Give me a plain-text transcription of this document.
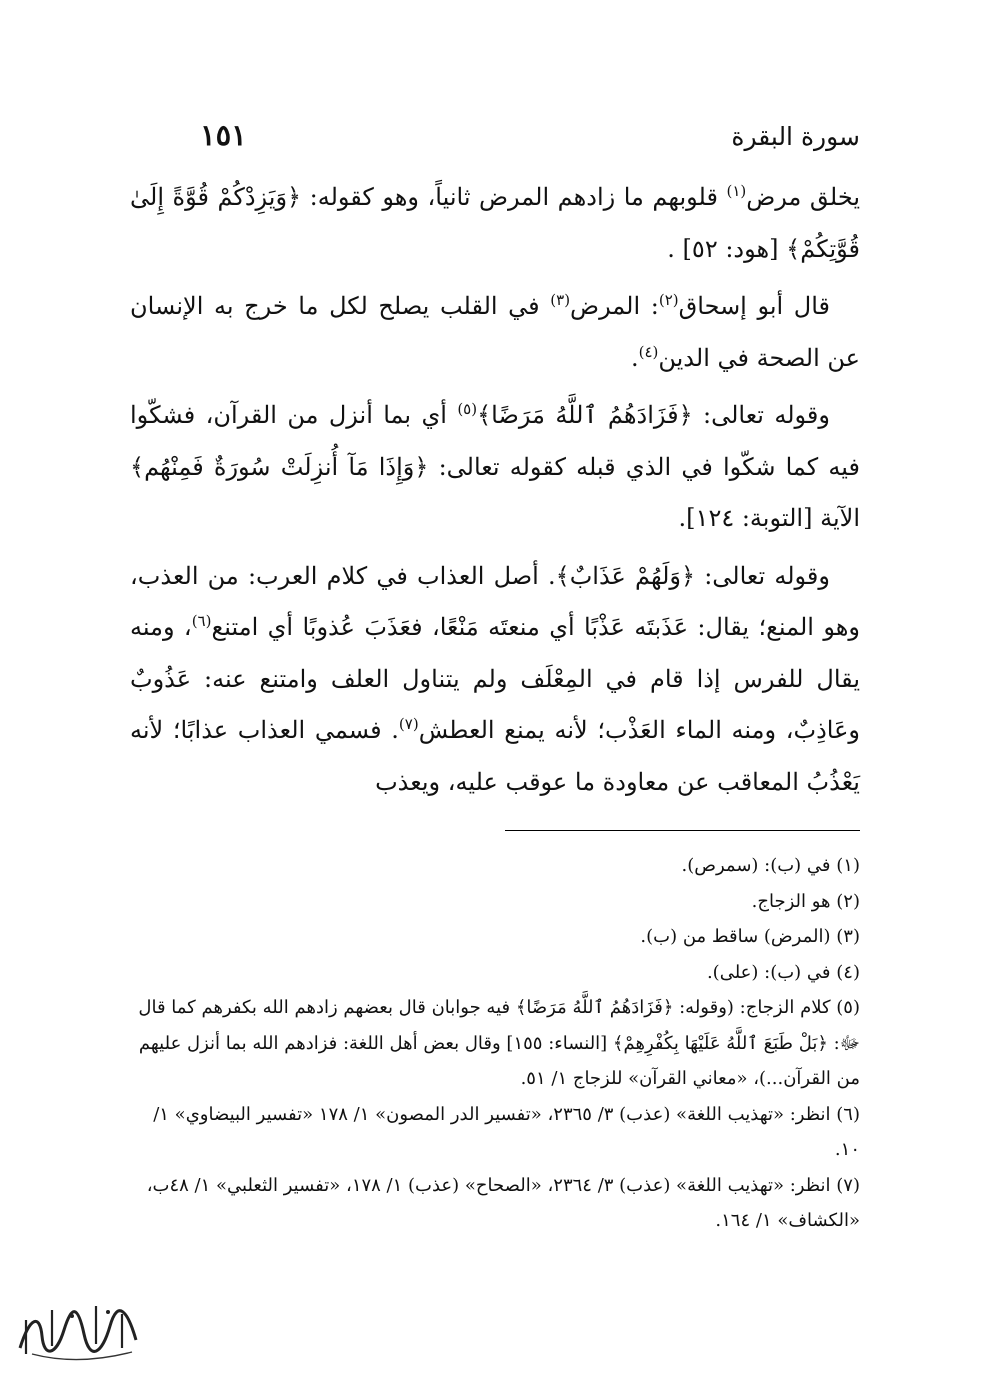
سورة البقرة
١٥١

يخلق مرض$^{(١)}$ قلوبهم ما زادهم المرض ثانياً، وهو كقوله: ﴿وَيَزِدْكُمْ قُوَّةً إِلَىٰ قُوَّتِكُمْ﴾ [هود: ٥٢] .

قال أبو إسحاق$^{(٢)}$: المرض$^{(٣)}$ في القلب يصلح لكل ما خرج به الإنسان عن الصحة في الدين$^{(٤)}$.

وقوله تعالى: ﴿فَزَادَهُمُ ٱللَّهُ مَرَضًا﴾$^{(٥)}$ أي بما أنزل من القرآن، فشكّوا فيه كما شكّوا في الذي قبله كقوله تعالى: ﴿وَإِذَا مَآ أُنزِلَتْ سُورَةٌ فَمِنْهُم﴾ الآية [التوبة: ١٢٤].

وقوله تعالى: ﴿وَلَهُمْ عَذَابٌ﴾. أصل العذاب في كلام العرب: من العذب، وهو المنع؛ يقال: عَذَبتَه عَذْبًا أي منعتَه مَنْعًا، فعَذَبَ عُذوبًا أي امتنع$^{(٦)}$، ومنه يقال للفرس إذا قام في المِعْلَف ولم يتناول العلف وامتنع عنه: عَذُوبٌ وعَاذِبٌ، ومنه الماء العَذْب؛ لأنه يمنع العطش$^{(٧)}$. فسمي العذاب عذابًا؛ لأنه يَعْذُبُ المعاقب عن معاودة ما عوقب عليه، ويعذب

(١) في (ب): (سمرص).

(٢) هو الزجاج.

(٣) (المرض) ساقط من (ب).

(٤) في (ب): (على).

(٥) كلام الزجاج: (وقوله: ﴿فَزَادَهُمُ ٱللَّهُ مَرَضًا﴾ فيه جوابان قال بعضهم زادهم الله بكفرهم كما قال ﷻ: ﴿بَلْ طَبَعَ ٱللَّهُ عَلَيْهَا بِكُفْرِهِمْ﴾ [النساء: ١٥٥] وقال بعض أهل اللغة: فزادهم الله بما أنزل عليهم من القرآن...)، «معاني القرآن» للزجاج ١/ ٥١.

(٦) انظر: «تهذيب اللغة» (عذب) ٣/ ٢٣٦٥، «تفسير الدر المصون» ١/ ١٧٨ «تفسير البيضاوي» ١/ ١٠.

(٧) انظر: «تهذيب اللغة» (عذب) ٣/ ٢٣٦٤، «الصحاح» (عذب) ١/ ١٧٨، «تفسير الثعلبي» ١/ ٤٨ب، «الكشاف» ١/ ١٦٤.
